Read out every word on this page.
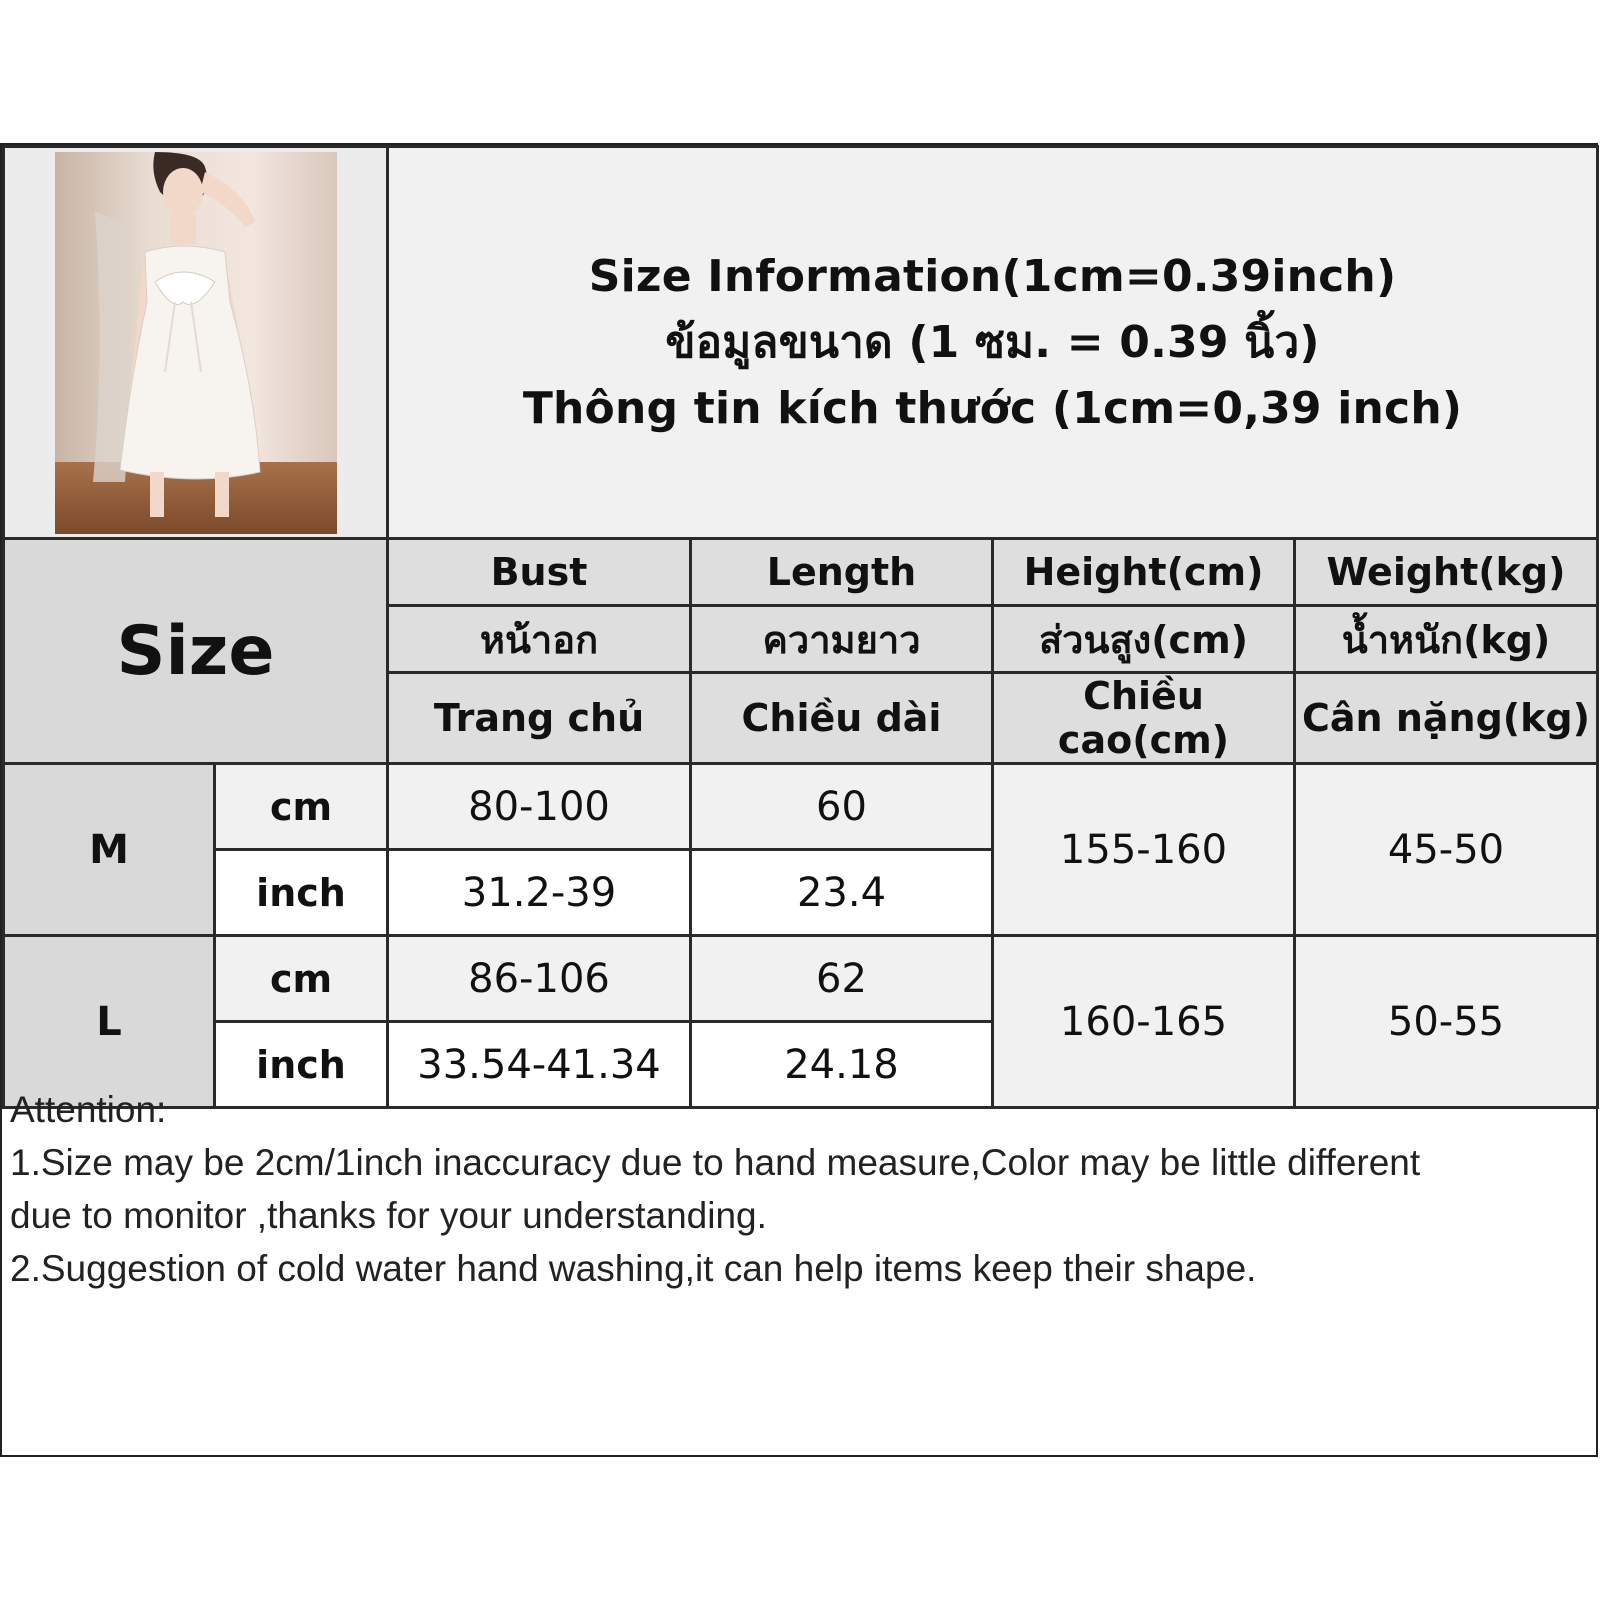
Size Information(1cm=0.39inch)
ข้อมูลขนาด (1 ซม. = 0.39 นิ้ว)
Thông tin kích thước (1cm=0,39 inch)			

Size		Bust	Length	Height(cm)	Weight(kg)
		หน้าอก	ความยาว	ส่วนสูง(cm)	น้ำหนัก(kg)
		Trang chủ	Chiều dài	Chiều cao(cm)	Cân nặng(kg)
M	cm	80-100	60	155-160	45-50
	inch	31.2-39	23.4		
L	cm	86-106	62	160-165	50-55
	inch	33.54-41.34	24.18		
Attention:
1.Size may be 2cm/1inch inaccuracy due to hand measure,Color may be little different
due to monitor ,thanks for your understanding.
2.Suggestion of cold water hand washing,it can help items keep their shape.
